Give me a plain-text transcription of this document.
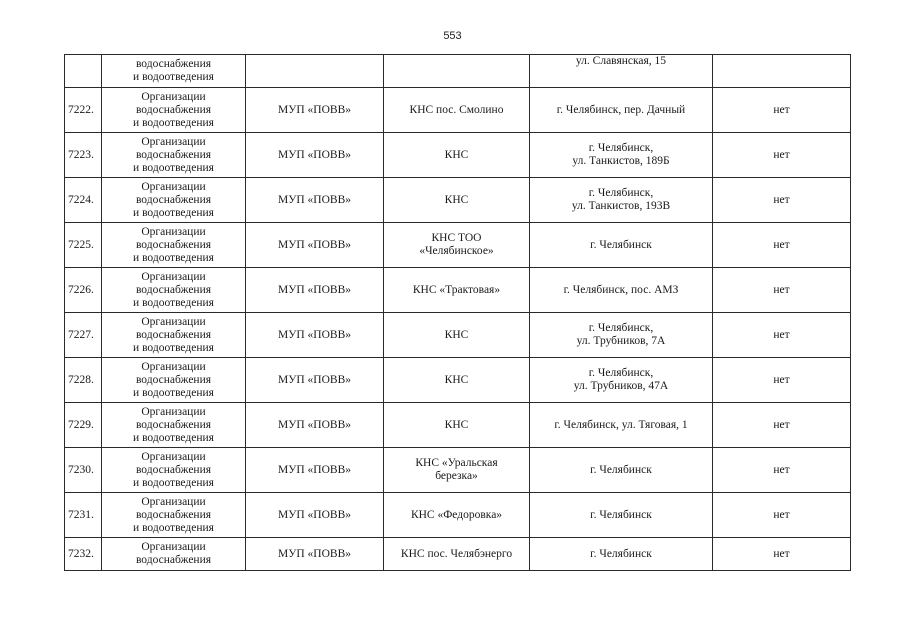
553

	водоснабжения
и водоотведения			ул. Славянская, 15	
7222.	Организации
водоснабжения
и водоотведения	МУП «ПОВВ»	КНС пос. Смолино	г. Челябинск, пер. Дачный	нет
7223.	Организации
водоснабжения
и водоотведения	МУП «ПОВВ»	КНС	г. Челябинск,
ул. Танкистов, 189Б	нет
7224.	Организации
водоснабжения
и водоотведения	МУП «ПОВВ»	КНС	г. Челябинск,
ул. Танкистов, 193В	нет
7225.	Организации
водоснабжения
и водоотведения	МУП «ПОВВ»	КНС ТОО
«Челябинское»	г. Челябинск	нет
7226.	Организации
водоснабжения
и водоотведения	МУП «ПОВВ»	КНС «Трактовая»	г. Челябинск, пос. АМЗ	нет
7227.	Организации
водоснабжения
и водоотведения	МУП «ПОВВ»	КНС	г. Челябинск,
ул. Трубников, 7А	нет
7228.	Организации
водоснабжения
и водоотведения	МУП «ПОВВ»	КНС	г. Челябинск,
ул. Трубников, 47А	нет
7229.	Организации
водоснабжения
и водоотведения	МУП «ПОВВ»	КНС	г. Челябинск, ул. Тяговая, 1	нет
7230.	Организации
водоснабжения
и водоотведения	МУП «ПОВВ»	КНС «Уральская
березка»	г. Челябинск	нет
7231.	Организации
водоснабжения
и водоотведения	МУП «ПОВВ»	КНС «Федоровка»	г. Челябинск	нет
7232.	Организации
водоснабжения	МУП «ПОВВ»	КНС пос. Челябэнерго	г. Челябинск	нет
